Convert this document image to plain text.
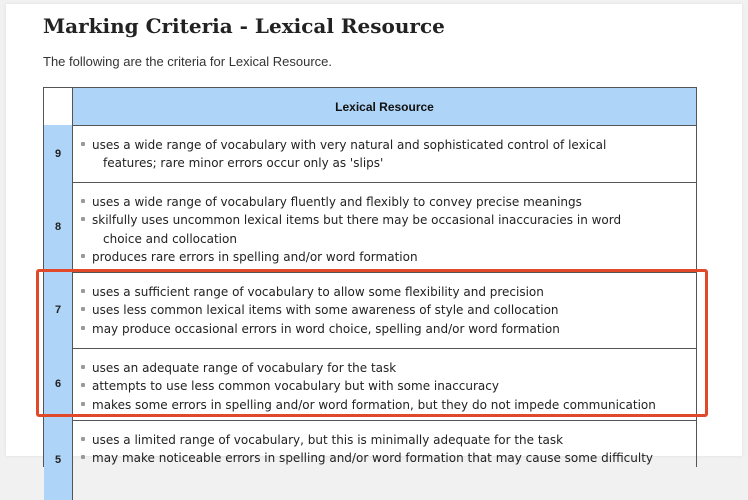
Marking Criteria - Lexical Resource
The following are the criteria for Lexical Resource.
Lexical Resource
9
uses a wide range of vocabulary with very natural and sophisticated control of lexical
features; rare minor errors occur only as 'slips'
8
uses a wide range of vocabulary fluently and flexibly to convey precise meanings
skilfully uses uncommon lexical items but there may be occasional inaccuracies in word
choice and collocation
produces rare errors in spelling and/or word formation
7
uses a sufficient range of vocabulary to allow some flexibility and precision
uses less common lexical items with some awareness of style and collocation
may produce occasional errors in word choice, spelling and/or word formation
6
uses an adequate range of vocabulary for the task
attempts to use less common vocabulary but with some inaccuracy
makes some errors in spelling and/or word formation, but they do not impede communication
5
uses a limited range of vocabulary, but this is minimally adequate for the task
may make noticeable errors in spelling and/or word formation that may cause some difficulty
